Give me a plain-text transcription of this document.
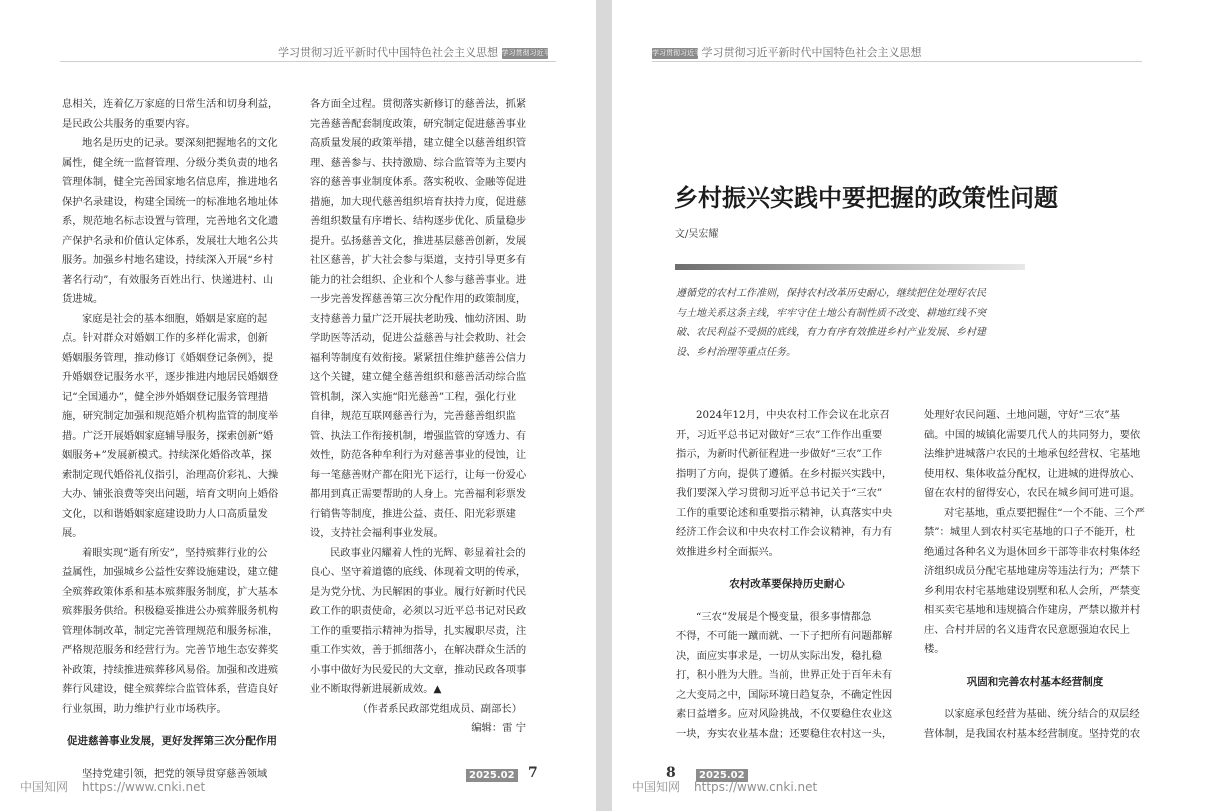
学习贯彻习近平新时代中国特色社会主义思想 学习贯彻习近平

息相关，连着亿万家庭的日常生活和切身利益，

是民政公共服务的重要内容。

地名是历史的记录。要深刻把握地名的文化

属性，健全统一监督管理、分级分类负责的地名

管理体制，健全完善国家地名信息库，推进地名

保护名录建设，构建全国统一的标准地名地址体

系，规范地名标志设置与管理，完善地名文化遗

产保护名录和价值认定体系，发展壮大地名公共

服务。加强乡村地名建设，持续深入开展“乡村

著名行动”，有效服务百姓出行、快递进村、山

货进城。

家庭是社会的基本细胞，婚姻是家庭的起

点。针对群众对婚姻工作的多样化需求，创新

婚姻服务管理，推动修订《婚姻登记条例》，提

升婚姻登记服务水平，逐步推进内地居民婚姻登

记“全国通办”，健全涉外婚姻登记服务管理措

施，研究制定加强和规范婚介机构监管的制度举

措。广泛开展婚姻家庭辅导服务，探索创新“婚

姻服务+”发展新模式。持续深化婚俗改革，探

索制定现代婚俗礼仪指引，治理高价彩礼、大操

大办、铺张浪费等突出问题，培育文明向上婚俗

文化，以和谐婚姻家庭建设助力人口高质量发

展。

着眼实现“逝有所安”，坚持殡葬行业的公

益属性，加强城乡公益性安葬设施建设，建立健

全殡葬政策体系和基本殡葬服务制度，扩大基本

殡葬服务供给。积极稳妥推进公办殡葬服务机构

管理体制改革，制定完善管理规范和服务标准，

严格规范服务和经营行为。完善节地生态安葬奖

补政策，持续推进殡葬移风易俗。加强和改进殡

葬行风建设，健全殡葬综合监管体系，营造良好

行业氛围，助力维护行业市场秩序。

促进慈善事业发展，更好发挥第三次分配作用

坚持党建引领，把党的领导贯穿慈善领域

各方面全过程。贯彻落实新修订的慈善法，抓紧

完善慈善配套制度政策，研究制定促进慈善事业

高质量发展的政策举措，建立健全以慈善组织管

理、慈善参与、扶持激励、综合监管等为主要内

容的慈善事业制度体系。落实税收、金融等促进

措施，加大现代慈善组织培育扶持力度，促进慈

善组织数量有序增长、结构逐步优化、质量稳步

提升。弘扬慈善文化，推进基层慈善创新，发展

社区慈善，扩大社会参与渠道，支持引导更多有

能力的社会组织、企业和个人参与慈善事业。进

一步完善发挥慈善第三次分配作用的政策制度，

支持慈善力量广泛开展扶老助残、恤幼济困、助

学助医等活动，促进公益慈善与社会救助、社会

福利等制度有效衔接。紧紧扭住维护慈善公信力

这个关键，建立健全慈善组织和慈善活动综合监

管机制，深入实施“阳光慈善”工程，强化行业

自律，规范互联网慈善行为，完善慈善组织监

管、执法工作衔接机制，增强监管的穿透力、有

效性，防范各种牟利行为对慈善事业的侵蚀，让

每一笔慈善财产都在阳光下运行，让每一份爱心

都用到真正需要帮助的人身上。完善福利彩票发

行销售等制度，推进公益、责任、阳光彩票建

设，支持社会福利事业发展。

民政事业闪耀着人性的光辉、彰显着社会的

良心、坚守着道德的底线、体现着文明的传承，

是为党分忧、为民解困的事业。履行好新时代民

政工作的职责使命，必须以习近平总书记对民政

工作的重要指示精神为指导，扎实履职尽责，注

重工作实效，善于抓细落小，在解决群众生活的

小事中做好为民爱民的大文章，推动民政各项事

业不断取得新进展新成效。▲

（作者系民政部党组成员、副部长）

编辑：雷 宁

2025.02 7
中国知网 https://www.cnki.net
学习贯彻习近平 学习贯彻习近平新时代中国特色社会主义思想
乡村振兴实践中要把握的政策性问题
文/吴宏耀
遵循党的农村工作准则，保持农村改革历史耐心，继续把住处理好农民
与土地关系这条主线，牢牢守住土地公有制性质不改变、耕地红线不突
破、农民利益不受损的底线，有力有序有效推进乡村产业发展、乡村建
设、乡村治理等重点任务。

2024年12月，中央农村工作会议在北京召

开，习近平总书记对做好“三农”工作作出重要

指示，为新时代新征程进一步做好“三农”工作

指明了方向，提供了遵循。在乡村振兴实践中，

我们要深入学习贯彻习近平总书记关于“三农”

工作的重要论述和重要指示精神，认真落实中央

经济工作会议和中央农村工作会议精神，有力有

效推进乡村全面振兴。

农村改革要保持历史耐心

“三农”发展是个慢变量，很多事情都急

不得，不可能一蹴而就、一下子把所有问题都解

决，面应实事求是，一切从实际出发，稳扎稳

打，积小胜为大胜。当前，世界正处于百年未有

之大变局之中，国际环境日趋复杂，不确定性因

素日益增多。应对风险挑战，不仅要稳住农业这

一块，夯实农业基本盘；还要稳住农村这一头，

处理好农民问题、土地问题，守好“三农”基

础。中国的城镇化需要几代人的共同努力，要依

法维护进城落户农民的土地承包经营权、宅基地

使用权、集体收益分配权，让进城的进得放心、

留在农村的留得安心，农民在城乡间可进可退。

对宅基地，重点要把握住“一个不能、三个严

禁”：城里人到农村买宅基地的口子不能开，杜

绝通过各种名义为退休回乡干部等非农村集体经

济组织成员分配宅基地建房等违法行为；严禁下

乡利用农村宅基地建设别墅和私人会所，严禁变

相买卖宅基地和违规搞合作建房，严禁以撤并村

庄、合村并居的名义违背农民意愿强迫农民上

楼。

巩固和完善农村基本经营制度

以家庭承包经营为基础、统分结合的双层经

营体制，是我国农村基本经营制度。坚持党的农

8	2025.02
中国知网 https://www.cnki.net
